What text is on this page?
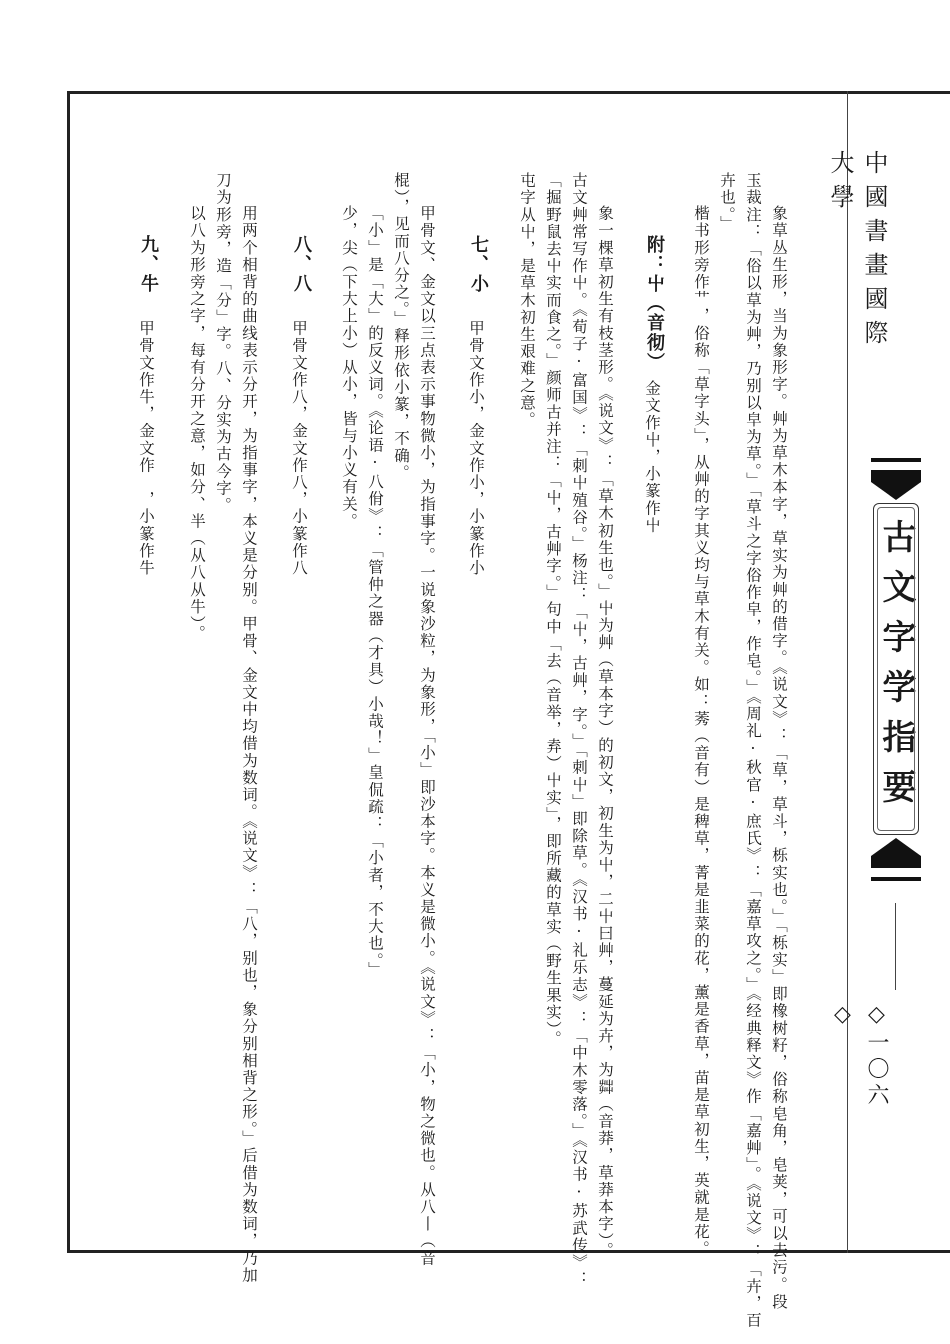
中國書畫國際大學
古文字学指要
◇一〇六◇
象草丛生形，当为象形字。艸为草木本字，草实为艸的借字。《说文》：「草，草斗，栎实也。」「栎实」即橡树籽，俗称皂角，皂荚，可以去污。段
玉裁注：「俗以草为艸，乃别以皁为草。」「草斗之字俗作皁，作皂。」《周礼·秋官·庶氏》：「嘉草攻之。」《经典释文》作「嘉艸」。《说文》：「卉，百
卉也。」
楷书形旁作艹，俗称「草字头」，从艸的字其义均与草木有关。如：莠（音有）是稗草，菁是韭菜的花，薰是香草，苗是草初生，英就是花。
附：屮（音彻）
金文作屮，小篆作屮
象一棵草初生有枝茎形。《说文》：「草木初生也。」屮为艸（草本字）的初文，初生为屮，二屮曰艸，蔓延为卉，为茻（音莽，草莽本字）。
古文艸常写作屮。《荀子·富国》：「刺屮殖谷。」杨注：「屮，古艸，字。」「刺屮」即除草。《汉书·礼乐志》：「中木零落。」《汉书·苏武传》：
「掘野鼠去屮实而食之。」颜师古并注：「屮，古艸字。」句中「去（音举，弆）屮实」，即所藏的草实（野生果实）。
屯字从屮，是草木初生艰难之意。
七、小
甲骨文作小，金文作小，小篆作小
甲骨文、金文以三点表示事物微小，为指事字。一说象沙粒，为象形，「小」即沙本字。本义是微小。《说文》：「小，物之微也。从八丨（音
棍），见而八分之。」释形依小篆，不确。
「小」是「大」的反义词。《论语·八佾》：「管仲之器（才具）小哉！」皇侃疏：「小者，不大也。」
少，尖（下大上小）从小，皆与小义有关。
八、八
甲骨文作八，金文作八，小篆作八
用两个相背的曲线表示分开，为指事字，本义是分别。甲骨、金文中均借为数词。《说文》：「八，别也，象分别相背之形。」后借为数词，乃加
刀为形旁，造「分」字。八、分实为古今字。
以八为形旁之字，每有分开之意，如分、半（从八从牛）。
九、牛
甲骨文作牛，金文作　，小篆作牛
